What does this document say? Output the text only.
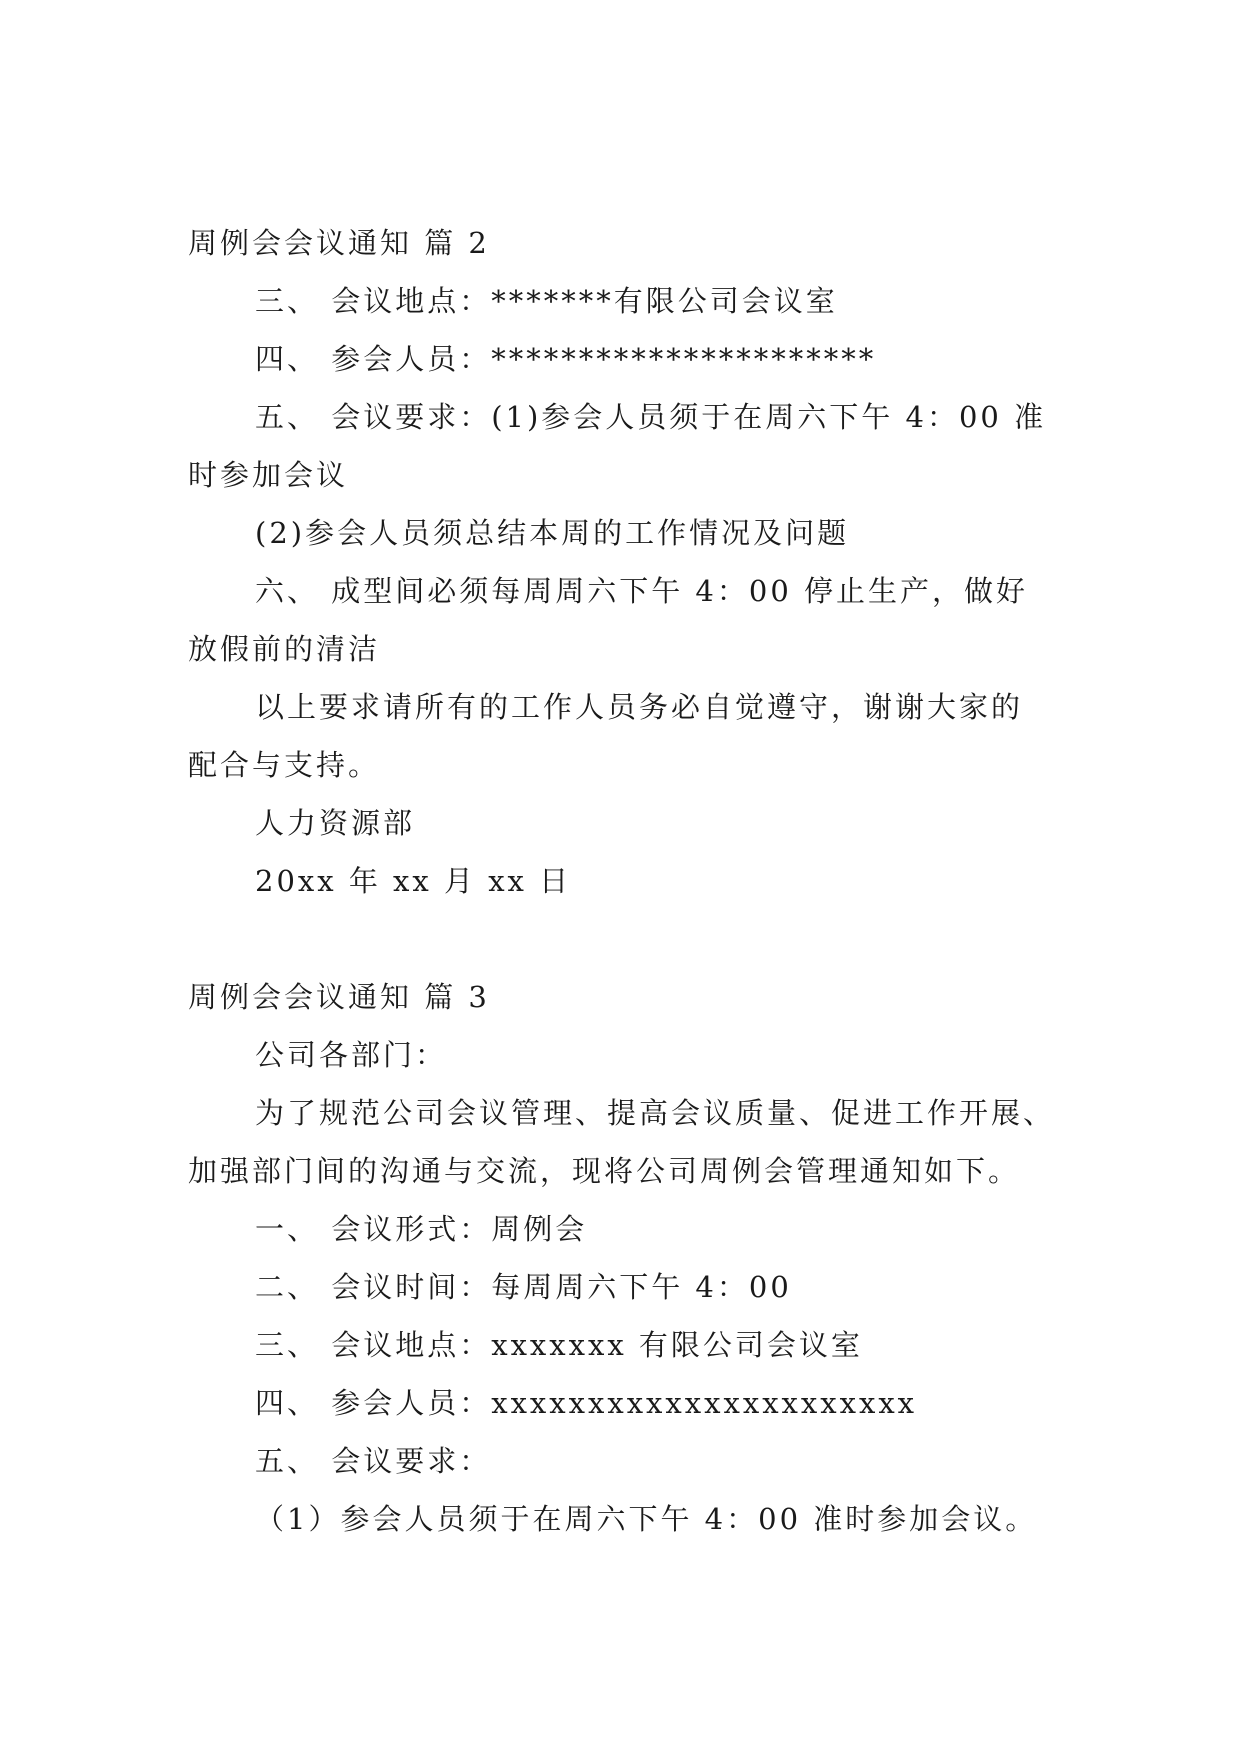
周例会会议通知 篇 2
三、 会议地点：*******有限公司会议室
四、 参会人员：**********************
五、 会议要求：(1)参会人员须于在周六下午 4：00 准
时参加会议
(2)参会人员须总结本周的工作情况及问题
六、 成型间必须每周周六下午 4：00 停止生产，做好
放假前的清洁
以上要求请所有的工作人员务必自觉遵守，谢谢大家的
配合与支持。
人力资源部
20xx 年 xx 月 xx 日
周例会会议通知 篇 3
公司各部门：
为了规范公司会议管理、提高会议质量、促进工作开展、
加强部门间的沟通与交流，现将公司周例会管理通知如下。
一、 会议形式：周例会
二、 会议时间：每周周六下午 4：00
三、 会议地点：xxxxxxx 有限公司会议室
四、 参会人员：xxxxxxxxxxxxxxxxxxxxxx
五、 会议要求：
（1）参会人员须于在周六下午 4：00 准时参加会议。
